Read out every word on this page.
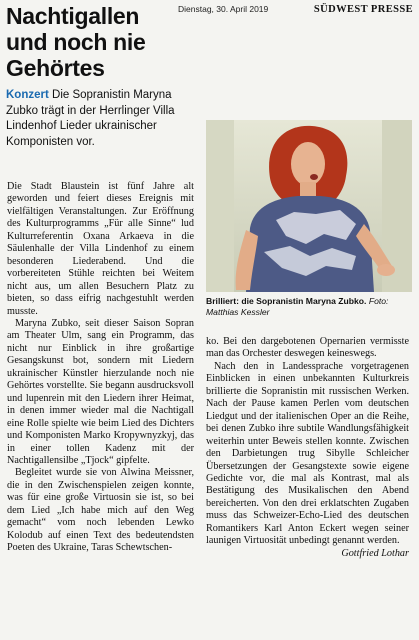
Dienstag, 30. April 2019	SÜDWEST PRESSE
Nachtigallen und noch nie Gehörtes
Konzert Die Sopranistin Maryna Zubko trägt in der Herrlinger Villa Lindenhof Lieder ukrainischer Komponisten vor.

Die Stadt Blaustein ist fünf Jahre alt geworden und feiert dieses Ereignis mit vielfältigen Veranstaltungen. Zur Eröffnung des Kulturprogramms „Für alle Sinne“ lud Kulturreferentin Oxana Arkaeva in die Säulenhalle der Villa Lindenhof zu einem besonderen Liederabend. Und die vorbereiteten Stühle reichten bei Weitem nicht aus, um allen Besuchern Platz zu bieten, so dass eifrig nachgestuhlt werden musste.

Maryna Zubko, seit dieser Saison Sopran am Theater Ulm, sang ein Programm, das nicht nur Einblick in ihre großartige Gesangskunst bot, sondern mit Liedern ukrainischer Künstler hierzulande noch nie Gehörtes vorstellte. Sie begann ausdrucksvoll und lupenrein mit den Liedern ihrer Heimat, in denen immer wieder mal die Nachtigall eine Rolle spielte wie beim Lied des Dichters und Komponisten Marko Kropywnyzkyj, das in einer tollen Kadenz mit der Nachtigallensilbe „Tjock“ gipfelte.

Begleitet wurde sie von Alwina Meissner, die in den Zwischenspielen zeigen konnte, was für eine große Virtuosin sie ist, so bei dem Lied „Ich habe mich auf den Weg gemacht“ vom noch lebenden Lewko Kolodub auf einen Text des bedeutendsten Poeten des Ukraine, Taras Schewtschen-

Brilliert: die Sopranistin Maryna Zubko. Foto: Matthias Kessler

ko. Bei den dargebotenen Opernarien vermisste man das Orchester deswegen keineswegs.

Nach den in Landessprache vorgetragenen Einblicken in einen unbekannten Kulturkreis brillierte die Sopranistin mit russischen Werken. Nach der Pause kamen Perlen vom deutschen Liedgut und der italienischen Oper an die Reihe, bei denen Zubko ihre subtile Wandlungsfähigkeit weiterhin unter Beweis stellen konnte. Zwischen den Darbietungen trug Sibylle Schleicher Übersetzungen der Gesangstexte sowie eigene Gedichte vor, die mal als Kontrast, mal als Bestätigung des Musikalischen den Abend bereicherten. Von den drei erklatschten Zugaben muss das Schweizer-Echo-Lied des deutschen Romantikers Karl Anton Eckert wegen seiner launigen Virtuosität unbedingt genannt werden.

Gottfried Lothar
